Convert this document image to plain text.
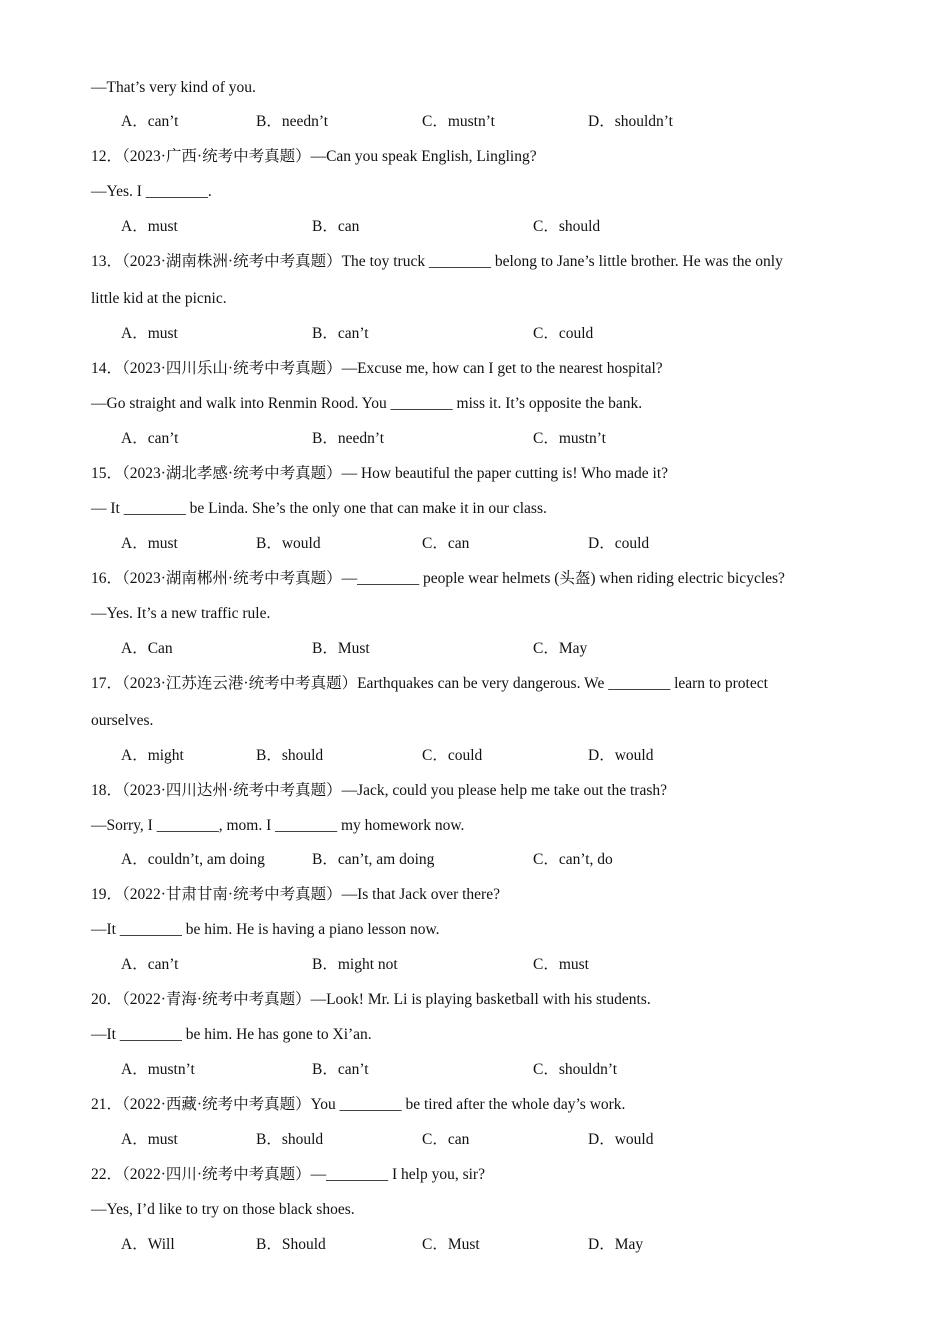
—That’s very kind of you.
A．can’t	B．needn’t	C．mustn’t	D．shouldn’t
12．（2023·广西·统考中考真题）—Can you speak English, Lingling?
—Yes. I ________.
A．must	B．can	C．should
13．（2023·湖南株洲·统考中考真题）The toy truck ________ belong to Jane’s little brother. He was the only
little kid at the picnic.
A．must	B．can’t	C．could
14．（2023·四川乐山·统考中考真题）—Excuse me, how can I get to the nearest hospital?
—Go straight and walk into Renmin Rood. You ________ miss it. It’s opposite the bank.
A．can’t	B．needn’t	C．mustn’t
15．（2023·湖北孝感·统考中考真题）— How beautiful the paper cutting is! Who made it?
— It ________ be Linda. She’s the only one that can make it in our class.
A．must	B．would	C．can	D．could
16．（2023·湖南郴州·统考中考真题）—________ people wear helmets (头盔) when riding electric bicycles?
—Yes. It’s a new traffic rule.
A．Can	B．Must	C．May
17．（2023·江苏连云港·统考中考真题）Earthquakes can be very dangerous. We ________ learn to protect
ourselves.
A．might	B．should	C．could	D．would
18．（2023·四川达州·统考中考真题）—Jack, could you please help me take out the trash?
—Sorry, I ________, mom. I ________ my homework now.
A．couldn’t, am doing	B．can’t, am doing	C．can’t, do
19．（2022·甘肃甘南·统考中考真题）—Is that Jack over there?
—It ________ be him. He is having a piano lesson now.
A．can’t	B．might not	C．must
20．（2022·青海·统考中考真题）—Look! Mr. Li is playing basketball with his students.
—It ________ be him. He has gone to Xi’an.
A．mustn’t	B．can’t	C．shouldn’t
21．（2022·西藏·统考中考真题）You ________ be tired after the whole day’s work.
A．must	B．should	C．can	D．would
22．（2022·四川·统考中考真题）—________ I help you, sir?
—Yes, I’d like to try on those black shoes.
A．Will	B．Should	C．Must	D．May
